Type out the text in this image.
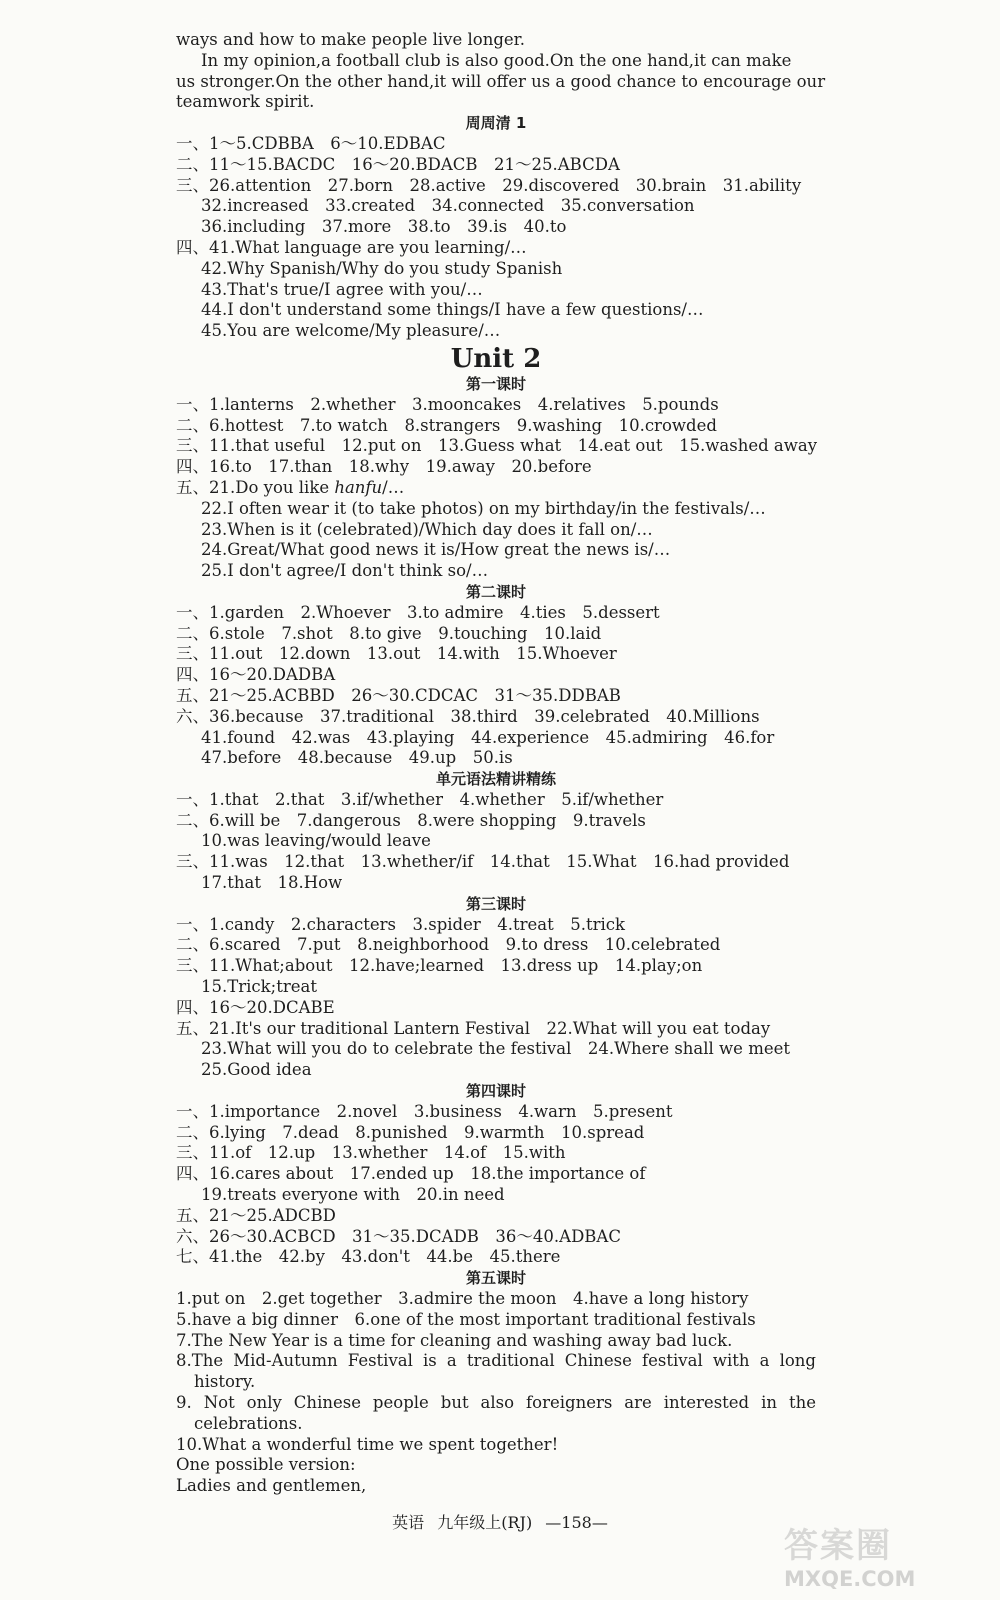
ways and how to make people live longer.
In my opinion,a football club is also good.On the one hand,it can make
us stronger.On the other hand,it will offer us a good chance to encourage our
teamwork spirit.
周周清 1
一、1～5.CDBBA　6～10.EDBAC
二、11～15.BACDC　16～20.BDACB　21～25.ABCDA
三、26.attention　27.born　28.active　29.discovered　30.brain　31.ability
32.increased　33.created　34.connected　35.conversation
36.including　37.more　38.to　39.is　40.to
四、41.What language are you learning/…
42.Why Spanish/Why do you study Spanish
43.That's true/I agree with you/…
44.I don't understand some things/I have a few questions/…
45.You are welcome/My pleasure/…
Unit 2
第一课时
一、1.lanterns　2.whether　3.mooncakes　4.relatives　5.pounds
二、6.hottest　7.to watch　8.strangers　9.washing　10.crowded
三、11.that useful　12.put on　13.Guess what　14.eat out　15.washed away
四、16.to　17.than　18.why　19.away　20.before
五、21.Do you like hanfu/…
22.I often wear it (to take photos) on my birthday/in the festivals/…
23.When is it (celebrated)/Which day does it fall on/…
24.Great/What good news it is/How great the news is/…
25.I don't agree/I don't think so/…
第二课时
一、1.garden　2.Whoever　3.to admire　4.ties　5.dessert
二、6.stole　7.shot　8.to give　9.touching　10.laid
三、11.out　12.down　13.out　14.with　15.Whoever
四、16～20.DADBA
五、21～25.ACBBD　26～30.CDCAC　31～35.DDBAB
六、36.because　37.traditional　38.third　39.celebrated　40.Millions
41.found　42.was　43.playing　44.experience　45.admiring　46.for
47.before　48.because　49.up　50.is
单元语法精讲精练
一、1.that　2.that　3.if/whether　4.whether　5.if/whether
二、6.will be　7.dangerous　8.were shopping　9.travels
10.was leaving/would leave
三、11.was　12.that　13.whether/if　14.that　15.What　16.had provided
17.that　18.How
第三课时
一、1.candy　2.characters　3.spider　4.treat　5.trick
二、6.scared　7.put　8.neighborhood　9.to dress　10.celebrated
三、11.What;about　12.have;learned　13.dress up　14.play;on
15.Trick;treat
四、16～20.DCABE
五、21.It's our traditional Lantern Festival　22.What will you eat today
23.What will you do to celebrate the festival　24.Where shall we meet
25.Good idea
第四课时
一、1.importance　2.novel　3.business　4.warn　5.present
二、6.lying　7.dead　8.punished　9.warmth　10.spread
三、11.of　12.up　13.whether　14.of　15.with
四、16.cares about　17.ended up　18.the importance of
19.treats everyone with　20.in need
五、21～25.ADCBD
六、26～30.ACBCD　31～35.DCADB　36～40.ADBAC
七、41.the　42.by　43.don't　44.be　45.there
第五课时
1.put on　2.get together　3.admire the moon　4.have a long history
5.have a big dinner　6.one of the most important traditional festivals
7.The New Year is a time for cleaning and washing away bad luck.
8.The Mid-Autumn Festival is a traditional Chinese festival with a long history.
9. Not only Chinese people but also foreigners are interested in the celebrations.
10.What a wonderful time we spent together!
One possible version:
Ladies and gentlemen,
英语 九年级上(RJ) —158—
答案圈
MXQE.COM
